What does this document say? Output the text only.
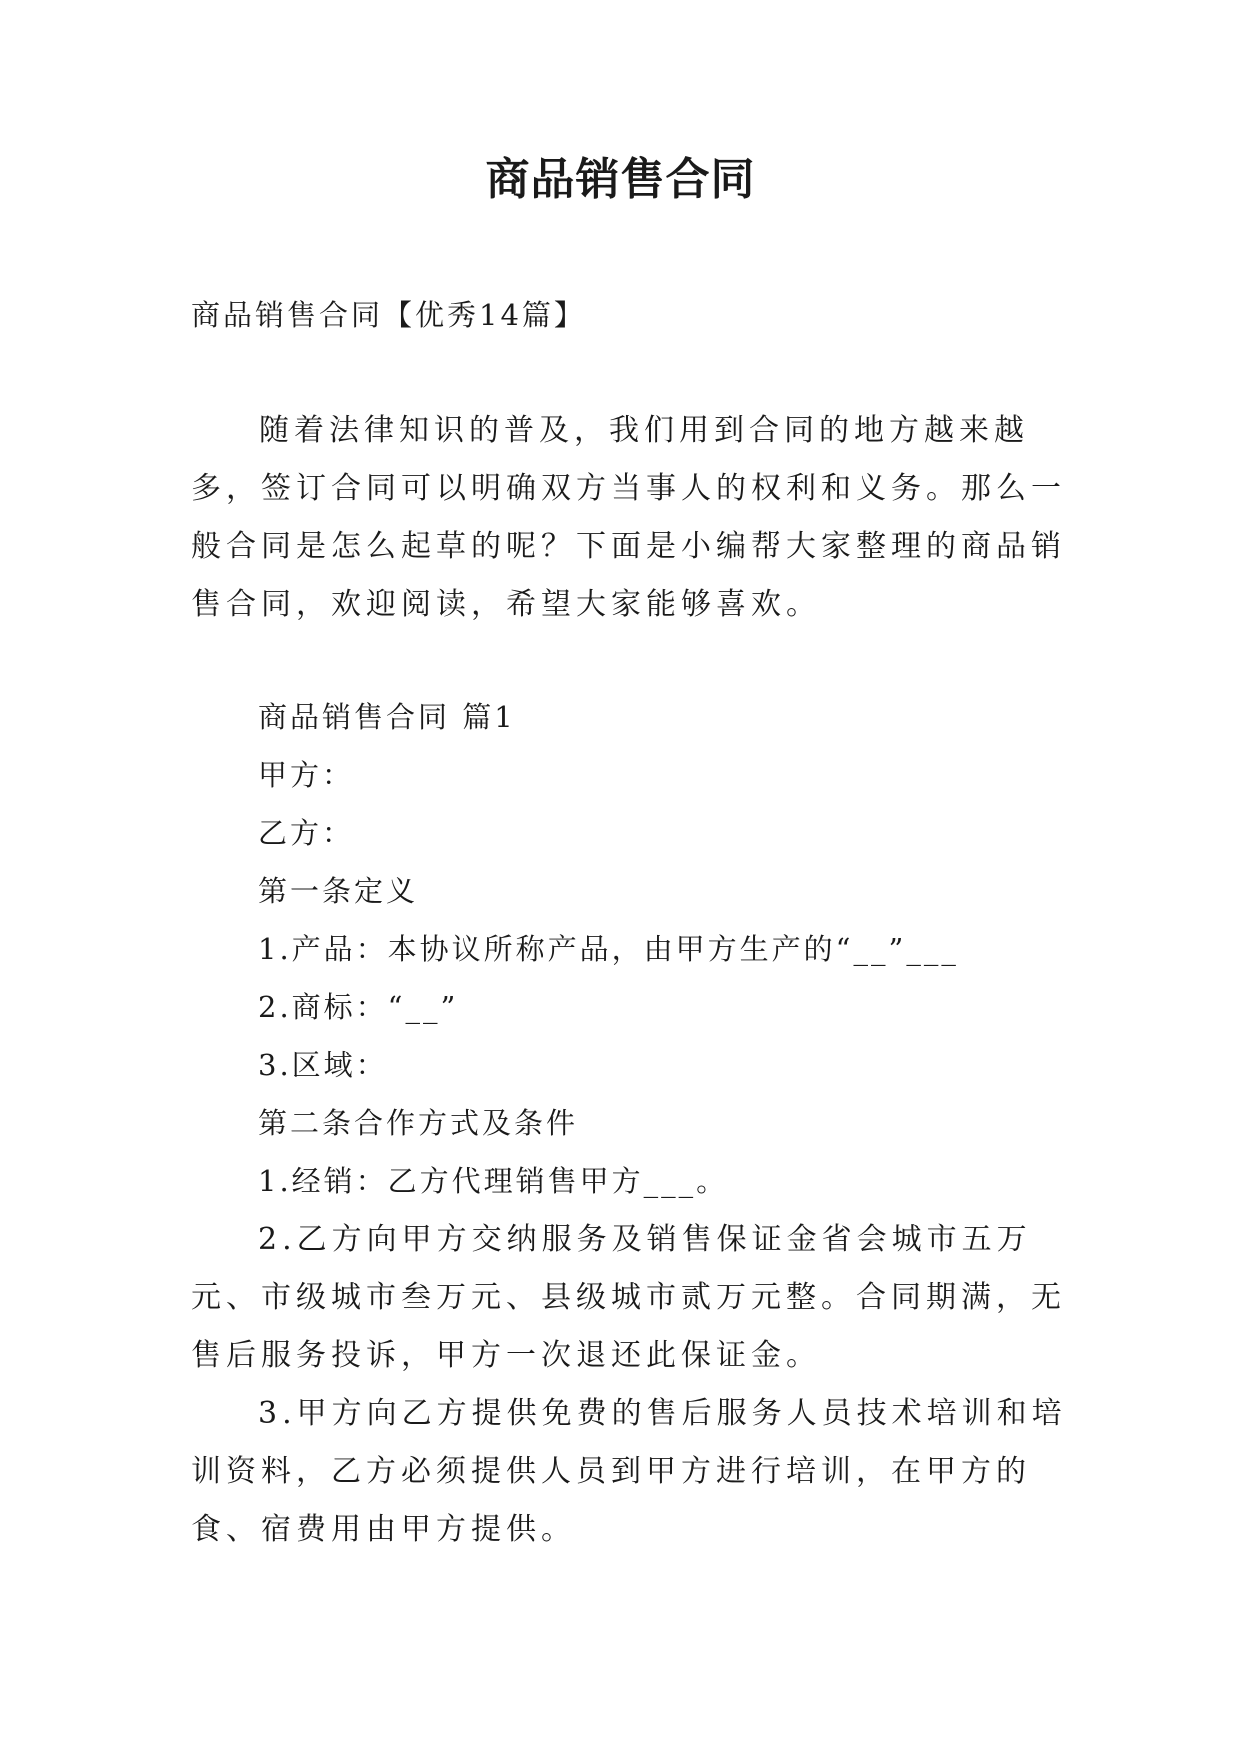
商品销售合同
商品销售合同【优秀14篇】

随着法律知识的普及，我们用到合同的地方越来越多，签订合同可以明确双方当事人的权利和义务。那么一般合同是怎么起草的呢？下面是小编帮大家整理的商品销售合同，欢迎阅读，希望大家能够喜欢。

商品销售合同 篇1
甲方：
乙方：
第一条定义
1.产品：本协议所称产品，由甲方生产的“__”___
2.商标：“__”
3.区域：
第二条合作方式及条件
1.经销：乙方代理销售甲方___。

2.乙方向甲方交纳服务及销售保证金省会城市五万元、市级城市叁万元、县级城市贰万元整。合同期满，无售后服务投诉，甲方一次退还此保证金。

3.甲方向乙方提供免费的售后服务人员技术培训和培训资料，乙方必须提供人员到甲方进行培训，在甲方的食、宿费用由甲方提供。
